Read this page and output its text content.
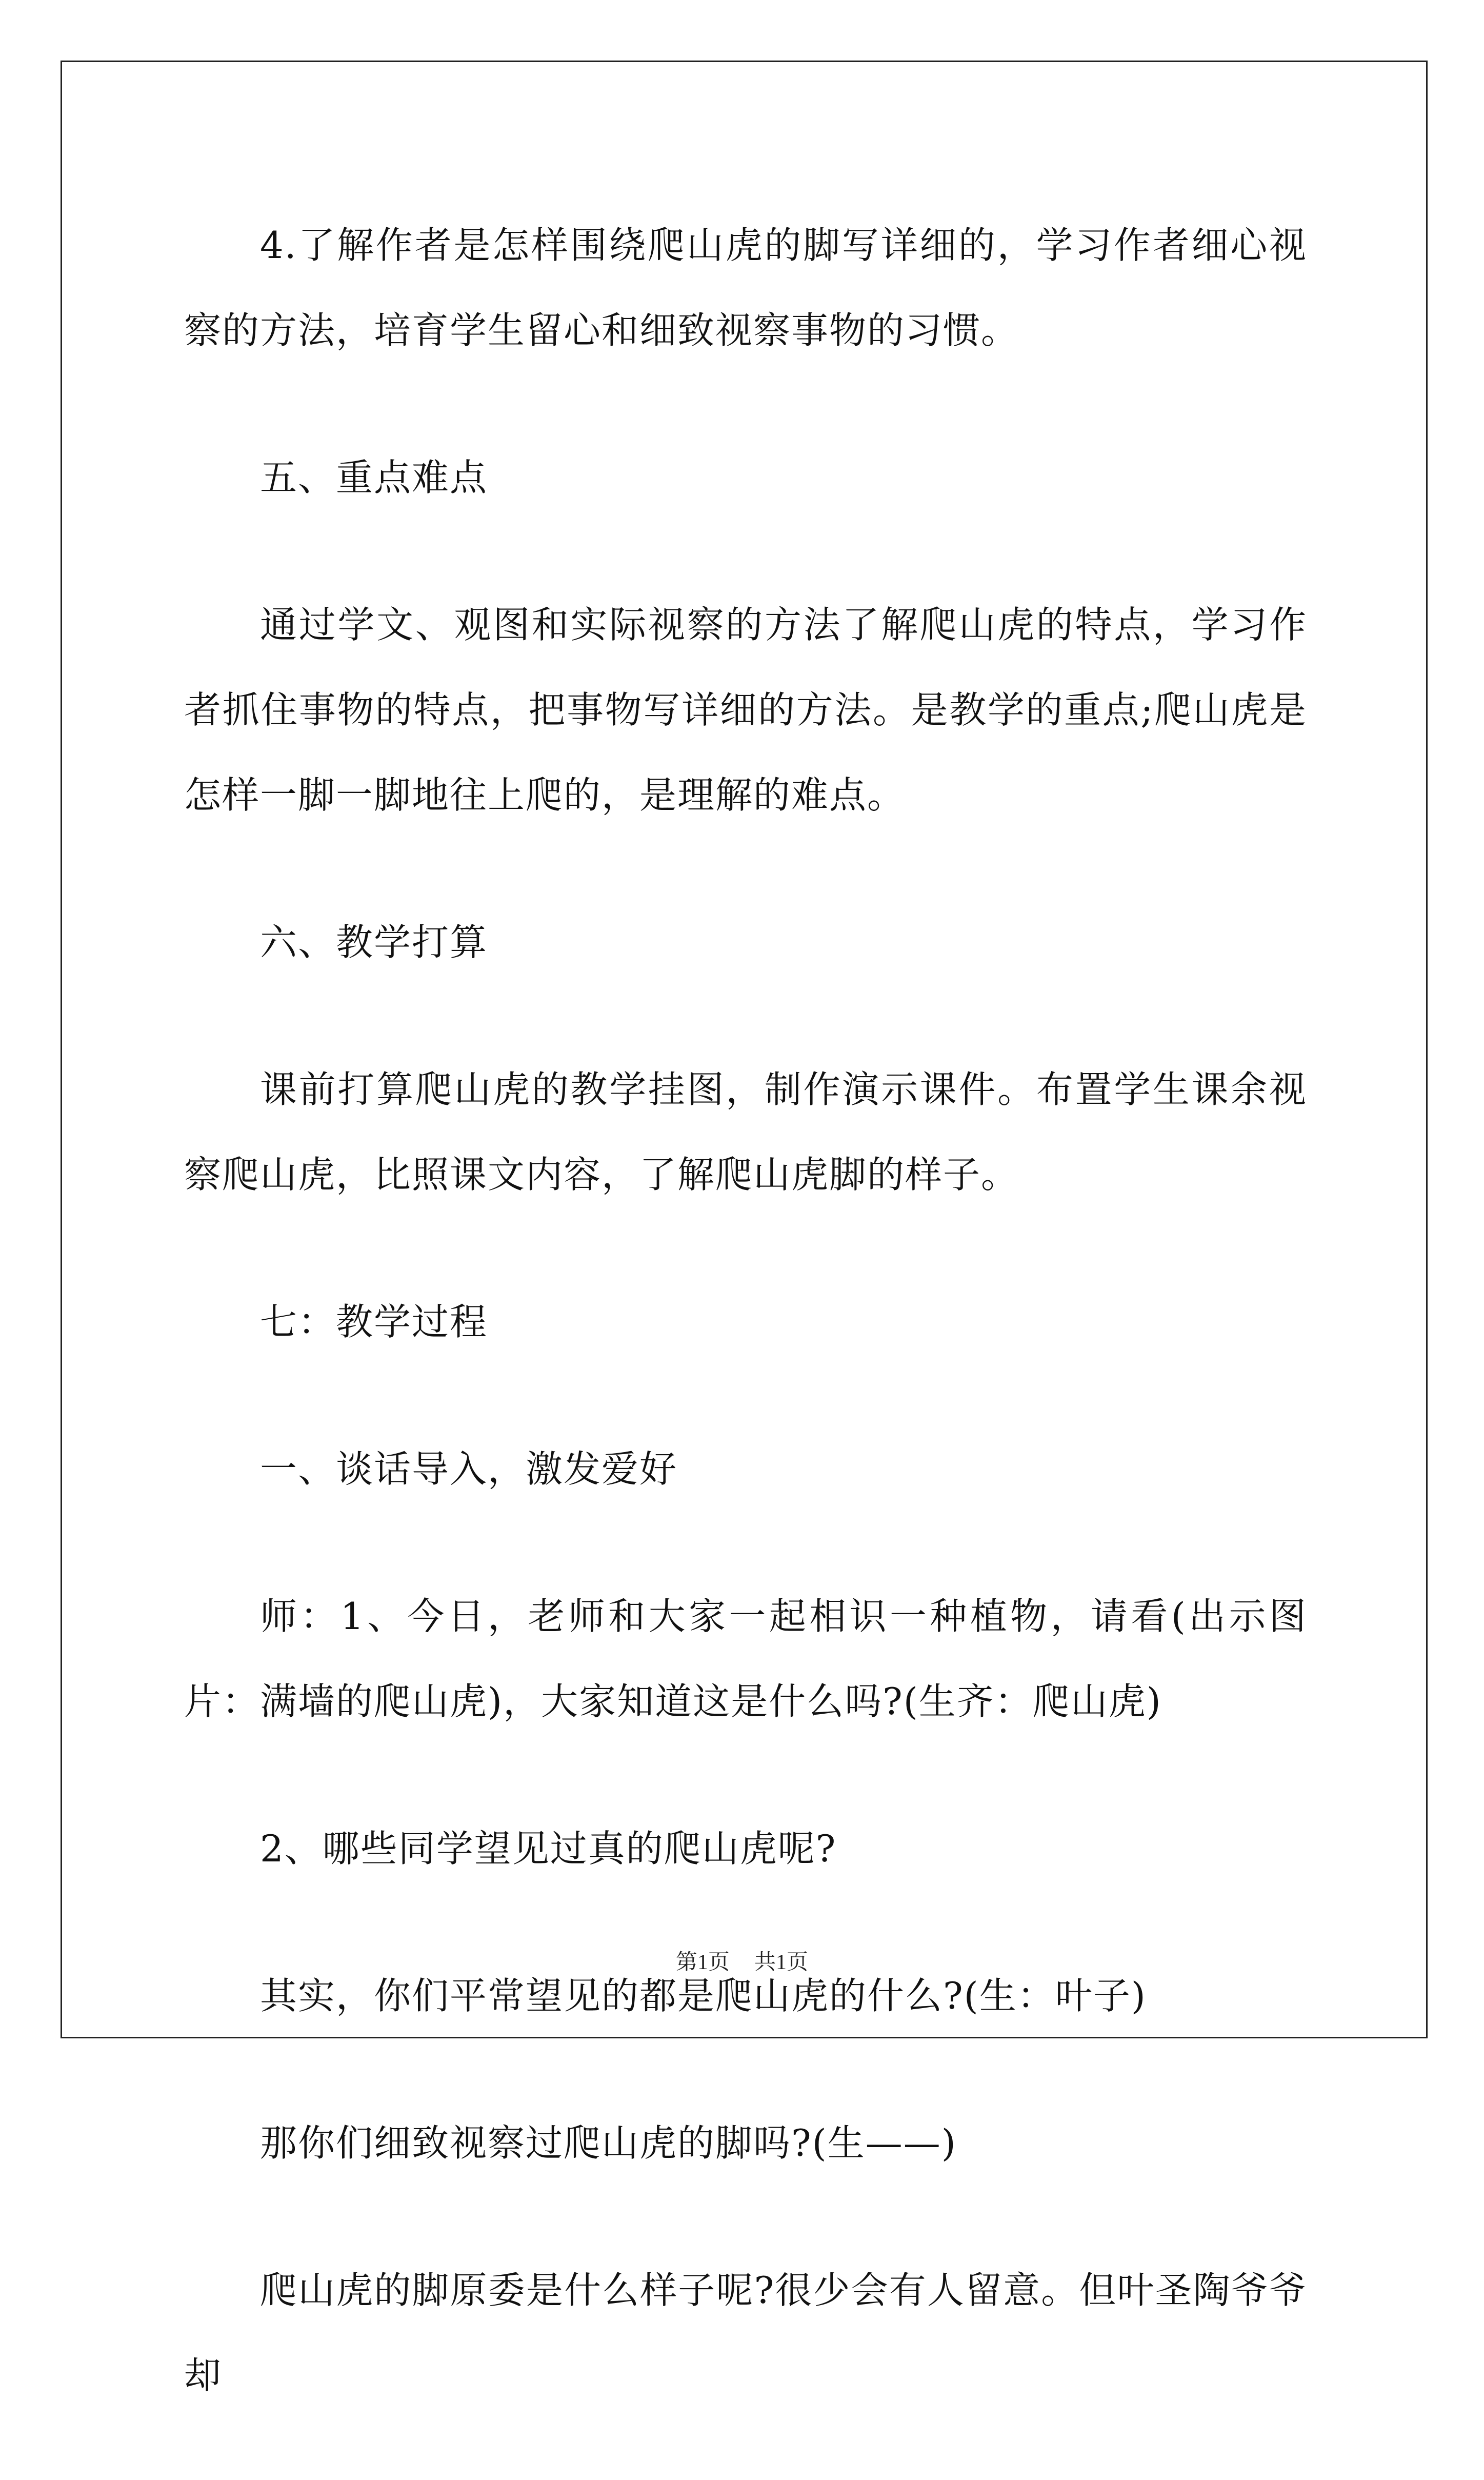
4.了解作者是怎样围绕爬山虎的脚写详细的，学习作者细心视察的方法，培育学生留心和细致视察事物的习惯。

五、重点难点

通过学文、观图和实际视察的方法了解爬山虎的特点，学习作者抓住事物的特点，把事物写详细的方法。是教学的重点;爬山虎是怎样一脚一脚地往上爬的，是理解的难点。

六、教学打算

课前打算爬山虎的教学挂图，制作演示课件。布置学生课余视察爬山虎，比照课文内容，了解爬山虎脚的样子。

七：教学过程

一、谈话导入，激发爱好

师：1、今日，老师和大家一起相识一种植物，请看(出示图片：满墙的爬山虎)，大家知道这是什么吗?(生齐：爬山虎)

2、哪些同学望见过真的爬山虎呢?

其实，你们平常望见的都是爬山虎的什么?(生：叶子)

那你们细致视察过爬山虎的脚吗?(生——)

爬山虎的脚原委是什么样子呢?很少会有人留意。但叶圣陶爷爷却

第1页 共1页
